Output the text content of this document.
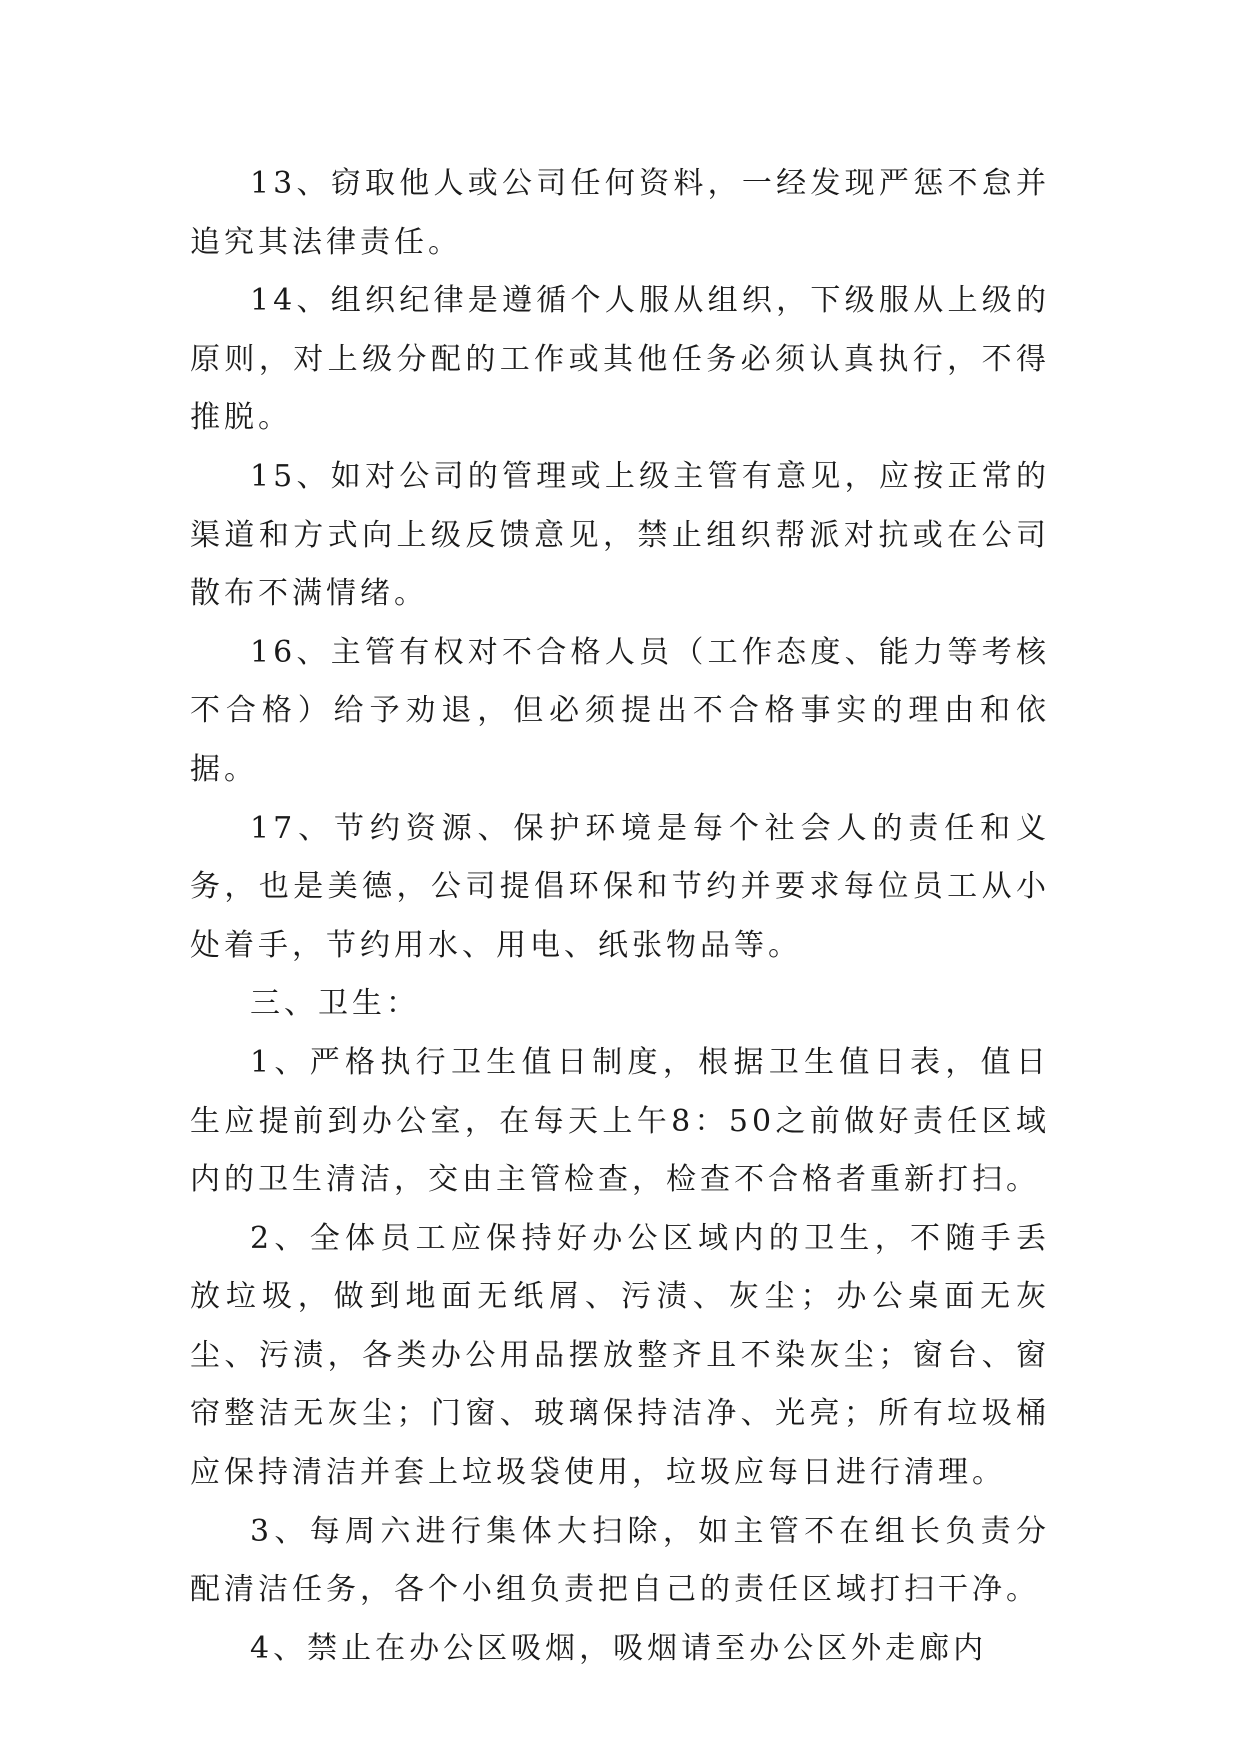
13、窃取他人或公司任何资料，一经发现严惩不怠并追究其法律责任。

14、组织纪律是遵循个人服从组织，下级服从上级的原则，对上级分配的工作或其他任务必须认真执行，不得推脱。

15、如对公司的管理或上级主管有意见，应按正常的渠道和方式向上级反馈意见，禁止组织帮派对抗或在公司散布不满情绪。

16、主管有权对不合格人员（工作态度、能力等考核不合格）给予劝退，但必须提出不合格事实的理由和依据。

17、节约资源、保护环境是每个社会人的责任和义务，也是美德，公司提倡环保和节约并要求每位员工从小处着手，节约用水、用电、纸张物品等。

三、卫生：

1、严格执行卫生值日制度，根据卫生值日表，值日生应提前到办公室，在每天上午8：50之前做好责任区域内的卫生清洁，交由主管检查，检查不合格者重新打扫。

2、全体员工应保持好办公区域内的卫生，不随手丢放垃圾，做到地面无纸屑、污渍、灰尘；办公桌面无灰尘、污渍，各类办公用品摆放整齐且不染灰尘；窗台、窗帘整洁无灰尘；门窗、玻璃保持洁净、光亮；所有垃圾桶应保持清洁并套上垃圾袋使用，垃圾应每日进行清理。

3、每周六进行集体大扫除，如主管不在组长负责分配清洁任务，各个小组负责把自己的责任区域打扫干净。

4、禁止在办公区吸烟，吸烟请至办公区外走廊内
